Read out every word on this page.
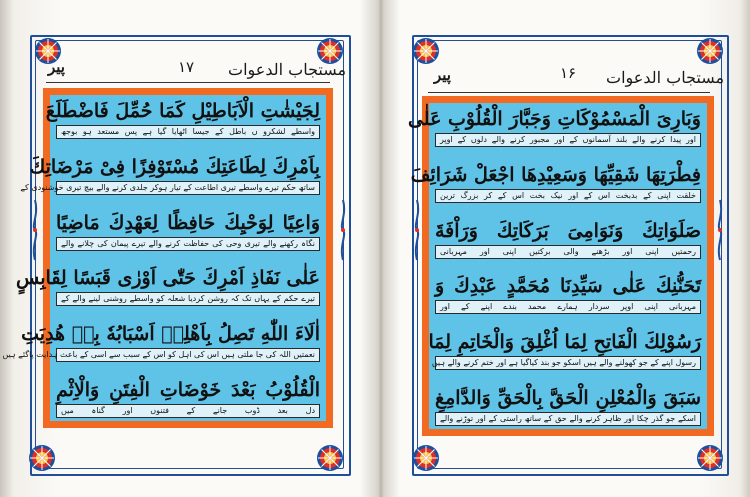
پیر	۱۷ مستجاب الدعوات
لِجَیْشٰتِ الْاَبَاطِیْلِ کَمَا حُمِّلَ فَاضْطَلَعَ
واسطے لشکرو ں باطل کے جیسا اٹھایا گیا ہے پس مستعد ہو بوجھ
بِاَمْرِكَ لِطَاعَتِكَ مُسْتَوْفِزًا فِیْ مَرْضَاتِكَ
ساتھ حکم تیرے واسطے تیری اطاعت کے تیار ہوکر جلدی کرنے والے بیچ تیری خوشنودی کے
وَاعِیًا لِوَحْیِكَ حَافِظًا لِعَهْدِكَ مَاضِیًا
نگاہ رکھنے والے تیری وحی کی حفاظت کرنے والے تیرے پیمان کی چلانے والے
عَلٰی نَفَاذِ اَمْرِكَ حَتّٰی اَوْرٰی قَبَسًا لِقَابِسٍ
تیرے حکم کے یہاں تک کہ روشن کردیا شعلہ کو واسطے روشنی لینے والے کے
اٰلَاءَ اللّٰهِ تَصِلُ بِاَهْلِهٖ اَسْبَابُهٗ بِهٖ هُدِیَتِ
نعمتیں اللہ کی جا ملتی ہیں اس کی اہل کو اس کے سبب سے اسی کے باعث ہدایت پاگئے ہیں
الْقُلُوْبُ بَعْدَ خَوْضَاتِ الْفِتَنِ وَالْاِثْمِ
دل بعد ڈوب جانے کے فتنوں اور گناہ میں
پیر	۱۶ مستجاب الدعوات
وَبَارِیَ الْمَسْمُوْكَاتِ وَجَبَّارَ الْقُلُوْبِ عَلٰی
اور پیدا کرنے والے بلند آسمانوں کے اور مجبور کرنے والے دلوں کے اوپر
فِطْرَتِهَا شَقِیِّهَا وَسَعِیْدِهَا اجْعَلْ شَرَائِفَ
خلقت اپنی کے بدبخت اس کے اور نیک بخت اس کے کر بزرگ ترین
صَلَوَاتِكَ وَنَوَامِیَ بَرَكَاتِكَ وَرَاْفَةَ
رحمتیں اپنی اور بڑھنے والی برکتیں اپنی اور مہربانی
تَحَنُّنِكَ عَلٰی سَیِّدِنَا مُحَمَّدٍ عَبْدِكَ وَ
مہربانی اپنی اوپر سردار ہمارے محمد بندے اپنے کے اور
رَسُوْلِكَ الْفَاتِحِ لِمَا اُغْلِقَ وَالْخَاتِمِ لِمَا
رسول اپنے کے جو کھولنے والے ہیں اسکو جو بند کیاگیا ہے اور ختم کرنے والے ہیں
سَبَقَ وَالْمُعْلِنِ الْحَقَّ بِالْحَقِّ وَالدَّامِغِ
اسکے جو گذر چکا اور ظاہر کرنے والے حق کے ساتھ راستی کے اور توڑنے والے
